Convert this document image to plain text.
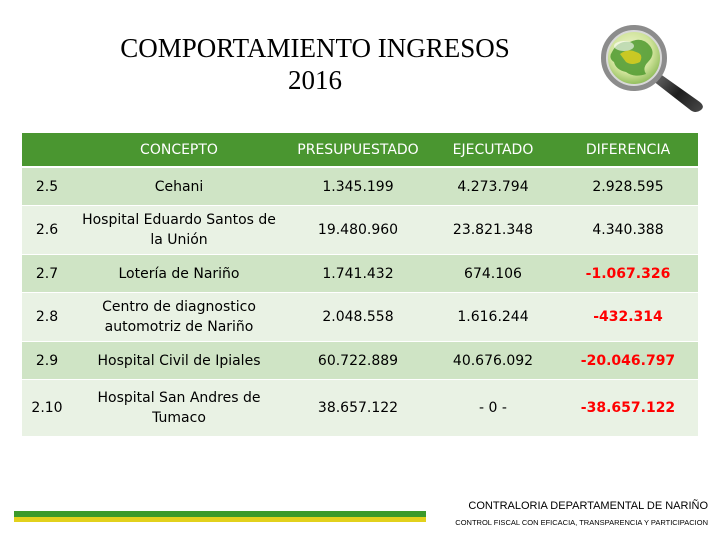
COMPORTAMIENTO INGRESOS
2016
	CONCEPTO	PRESUPUESTADO	EJECUTADO	DIFERENCIA
2.5	Cehani	1.345.199	4.273.794	2.928.595
2.6	Hospital Eduardo Santos de la Unión	19.480.960	23.821.348	4.340.388
2.7	Lotería de Nariño	1.741.432	674.106	-1.067.326
2.8	Centro de diagnostico automotriz de Nariño	2.048.558	1.616.244	-432.314
2.9	Hospital Civil de Ipiales	60.722.889	40.676.092	-20.046.797
2.10	Hospital San Andres de Tumaco	38.657.122	- 0 -	-38.657.122
CONTRALORIA DEPARTAMENTAL DE NARIÑO
CONTROL FISCAL CON EFICACIA, TRANSPARENCIA Y PARTICIPACION
